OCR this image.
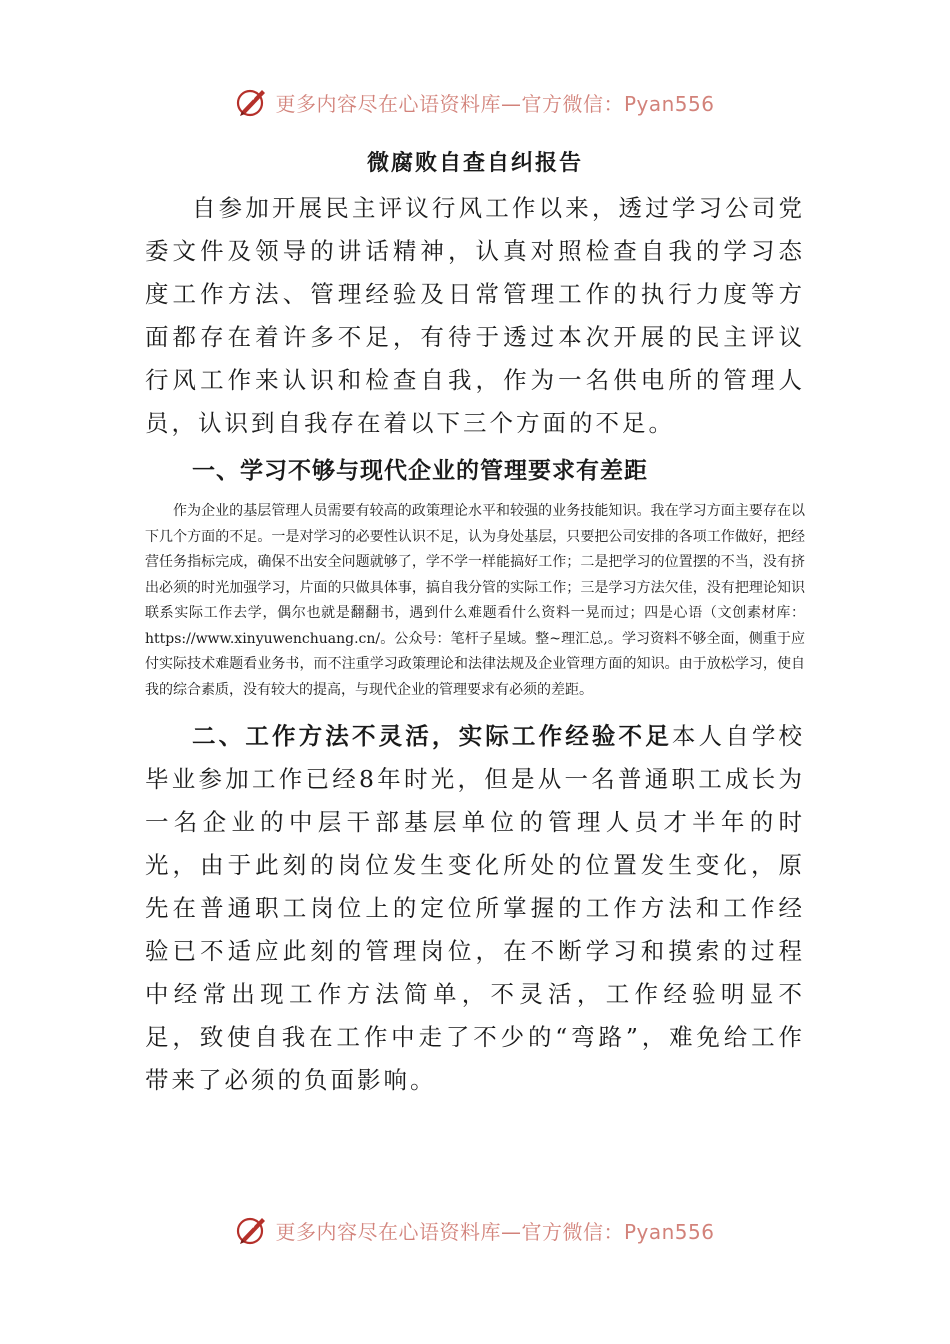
更多内容尽在心语资料库—官方微信：Pyan556
微腐败自查自纠报告

自参加开展民主评议行风工作以来，透过学习公司党委文件及领导的讲话精神，认真对照检查自我的学习态度工作方法、管理经验及日常管理工作的执行力度等方面都存在着许多不足，有待于透过本次开展的民主评议行风工作来认识和检查自我，作为一名供电所的管理人员，认识到自我存在着以下三个方面的不足。

一、学习不够与现代企业的管理要求有差距

作为企业的基层管理人员需要有较高的政策理论水平和较强的业务技能知识。我在学习方面主要存在以下几个方面的不足。一是对学习的必要性认识不足，认为身处基层，只要把公司安排的各项工作做好，把经营任务指标完成，确保不出安全问题就够了，学不学一样能搞好工作；二是把学习的位置摆的不当，没有挤出必须的时光加强学习，片面的只做具体事，搞自我分管的实际工作；三是学习方法欠佳，没有把理论知识联系实际工作去学，偶尔也就是翻翻书，遇到什么难题看什么资料一晃而过；四是心语（文创素材库：https://www.xinyuwenchuang.cn/。公众号：笔杆子星域。整~理汇总,。学习资料不够全面，侧重于应付实际技术难题看业务书，而不注重学习政策理论和法律法规及企业管理方面的知识。由于放松学习，使自我的综合素质，没有较大的提高，与现代企业的管理要求有必须的差距。

二、工作方法不灵活，实际工作经验不足本人自学校毕业参加工作已经8年时光，但是从一名普通职工成长为一名企业的中层干部基层单位的管理人员才半年的时光，由于此刻的岗位发生变化所处的位置发生变化，原先在普通职工岗位上的定位所掌握的工作方法和工作经验已不适应此刻的管理岗位，在不断学习和摸索的过程中经常出现工作方法简单，不灵活，工作经验明显不足，致使自我在工作中走了不少的“弯路”，难免给工作带来了必须的负面影响。

更多内容尽在心语资料库—官方微信：Pyan556
